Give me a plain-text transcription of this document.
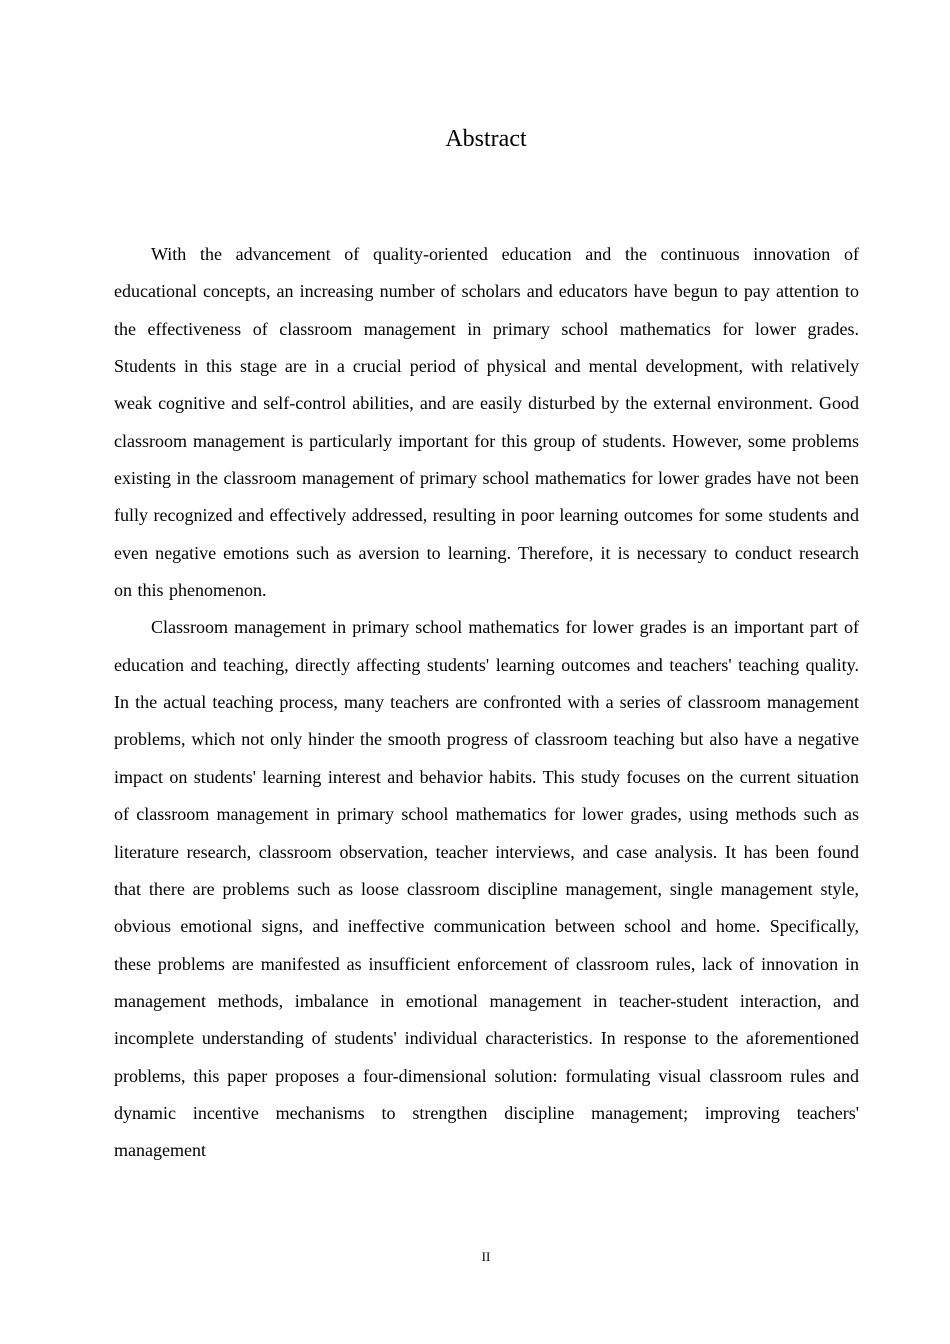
Abstract

With the advancement of quality-oriented education and the continuous innovation of educational concepts, an increasing number of scholars and educators have begun to pay attention to the effectiveness of classroom management in primary school mathematics for lower grades. Students in this stage are in a crucial period of physical and mental development, with relatively weak cognitive and self-control abilities, and are easily disturbed by the external environment. Good classroom management is particularly important for this group of students. However, some problems existing in the classroom management of primary school mathematics for lower grades have not been fully recognized and effectively addressed, resulting in poor learning outcomes for some students and even negative emotions such as aversion to learning. Therefore, it is necessary to conduct research on this phenomenon.

Classroom management in primary school mathematics for lower grades is an important part of education and teaching, directly affecting students' learning outcomes and teachers' teaching quality. In the actual teaching process, many teachers are confronted with a series of classroom management problems, which not only hinder the smooth progress of classroom teaching but also have a negative impact on students' learning interest and behavior habits. This study focuses on the current situation of classroom management in primary school mathematics for lower grades, using methods such as literature research, classroom observation, teacher interviews, and case analysis. It has been found that there are problems such as loose classroom discipline management, single management style, obvious emotional signs, and ineffective communication between school and home. Specifically, these problems are manifested as insufficient enforcement of classroom rules, lack of innovation in management methods, imbalance in emotional management in teacher-student interaction, and incomplete understanding of students' individual characteristics. In response to the aforementioned problems, this paper proposes a four-dimensional solution: formulating visual classroom rules and dynamic incentive mechanisms to strengthen discipline management; improving teachers' management

II
